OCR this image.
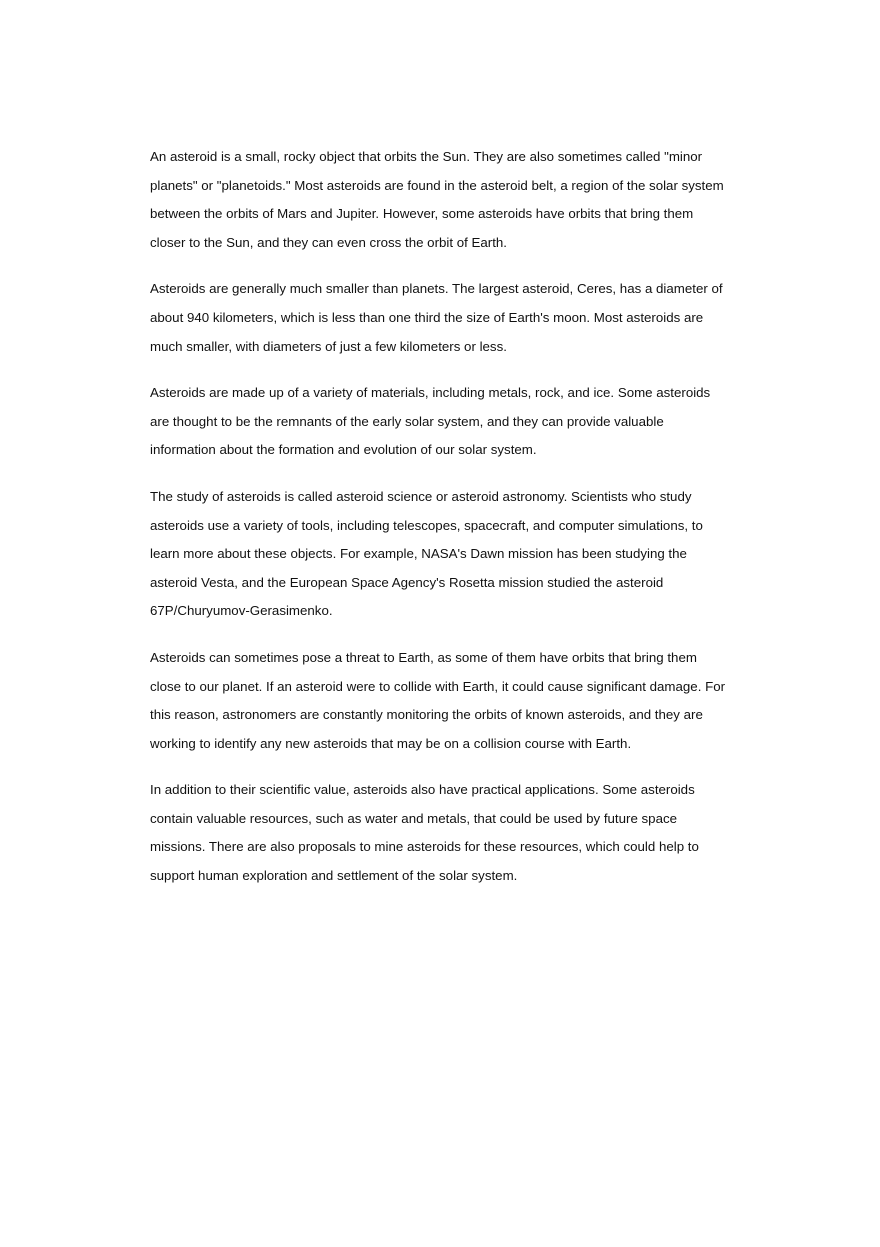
An asteroid is a small, rocky object that orbits the Sun. They are also sometimes called "minor planets" or "planetoids." Most asteroids are found in the asteroid belt, a region of the solar system between the orbits of Mars and Jupiter. However, some asteroids have orbits that bring them closer to the Sun, and they can even cross the orbit of Earth.

Asteroids are generally much smaller than planets. The largest asteroid, Ceres, has a diameter of about 940 kilometers, which is less than one third the size of Earth's moon. Most asteroids are much smaller, with diameters of just a few kilometers or less.

Asteroids are made up of a variety of materials, including metals, rock, and ice. Some asteroids are thought to be the remnants of the early solar system, and they can provide valuable information about the formation and evolution of our solar system.

The study of asteroids is called asteroid science or asteroid astronomy. Scientists who study asteroids use a variety of tools, including telescopes, spacecraft, and computer simulations, to learn more about these objects. For example, NASA's Dawn mission has been studying the asteroid Vesta, and the European Space Agency's Rosetta mission studied the asteroid 67P/Churyumov-Gerasimenko.

Asteroids can sometimes pose a threat to Earth, as some of them have orbits that bring them close to our planet. If an asteroid were to collide with Earth, it could cause significant damage. For this reason, astronomers are constantly monitoring the orbits of known asteroids, and they are working to identify any new asteroids that may be on a collision course with Earth.

In addition to their scientific value, asteroids also have practical applications. Some asteroids contain valuable resources, such as water and metals, that could be used by future space missions. There are also proposals to mine asteroids for these resources, which could help to support human exploration and settlement of the solar system.
